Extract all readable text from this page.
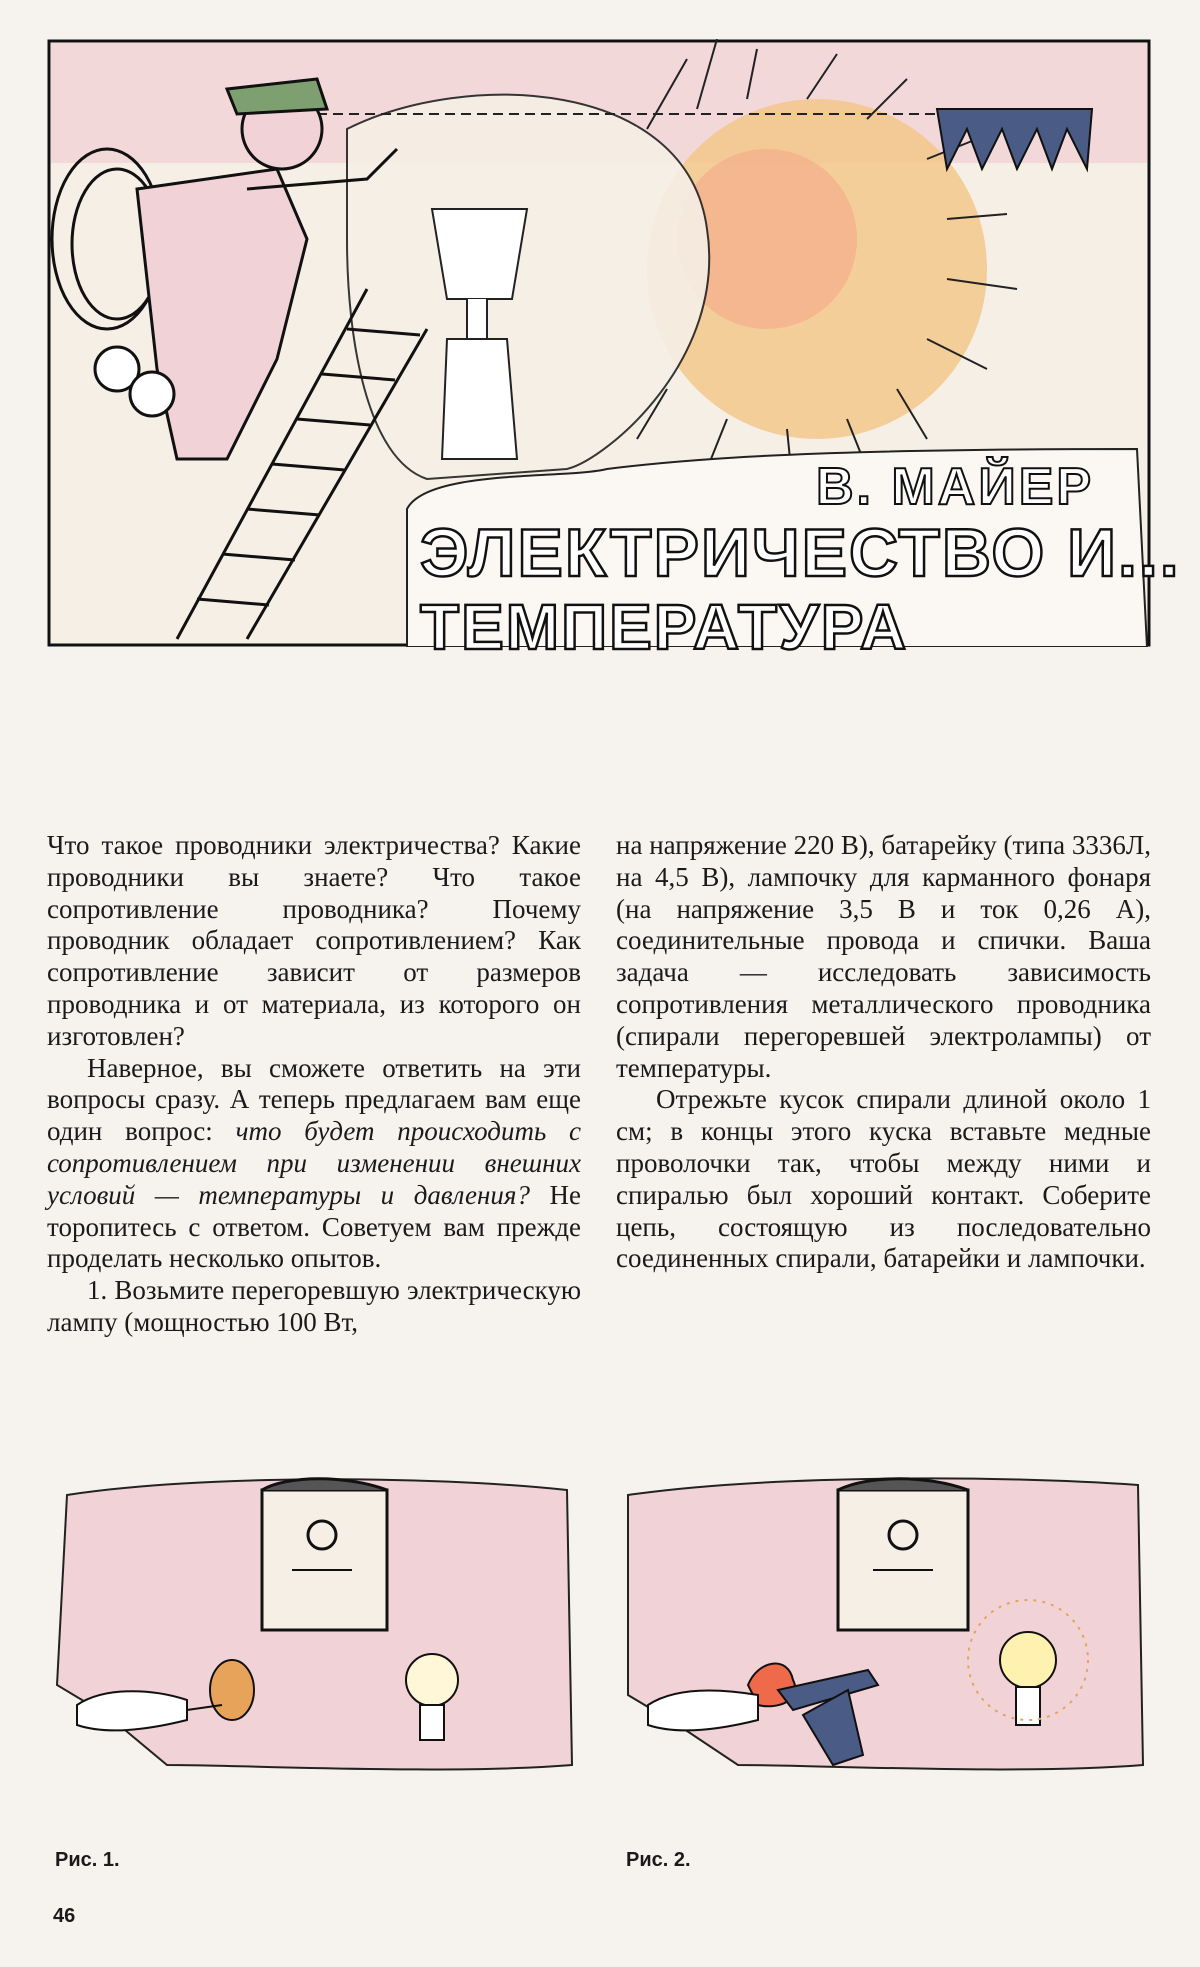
В. МАЙЕР
ЭЛЕКТРИЧЕСТВО И...
ТЕМПЕРАТУРА

Что такое проводники электричества? Какие проводники вы знаете? Что такое сопротивление проводника? Почему проводник обладает сопротивлением? Как сопротивление зависит от размеров проводника и от материала, из которого он изготовлен?

Наверное, вы сможете ответить на эти вопросы сразу. А теперь предлагаем вам еще один вопрос: что будет происходить с сопротивлением при изменении внешних условий — температуры и давления? Не торопитесь с ответом. Советуем вам прежде проделать несколько опытов.

1. Возьмите перегоревшую электрическую лампу (мощностью 100 Вт,

на напряжение 220 В), батарейку (типа 3336Л, на 4,5 В), лампочку для карманного фонаря (на напряжение 3,5 В и ток 0,26 А), соединительные провода и спички. Ваша задача — исследовать зависимость сопротивления металлического проводника (спирали перегоревшей электролампы) от температуры.

Отрежьте кусок спирали длиной около 1 см; в концы этого куска вставьте медные проволочки так, чтобы между ними и спиралью был хороший контакт. Соберите цепь, состоящую из последовательно соединенных спирали, батарейки и лампочки.

Рис. 1.	Рис. 2.
46
